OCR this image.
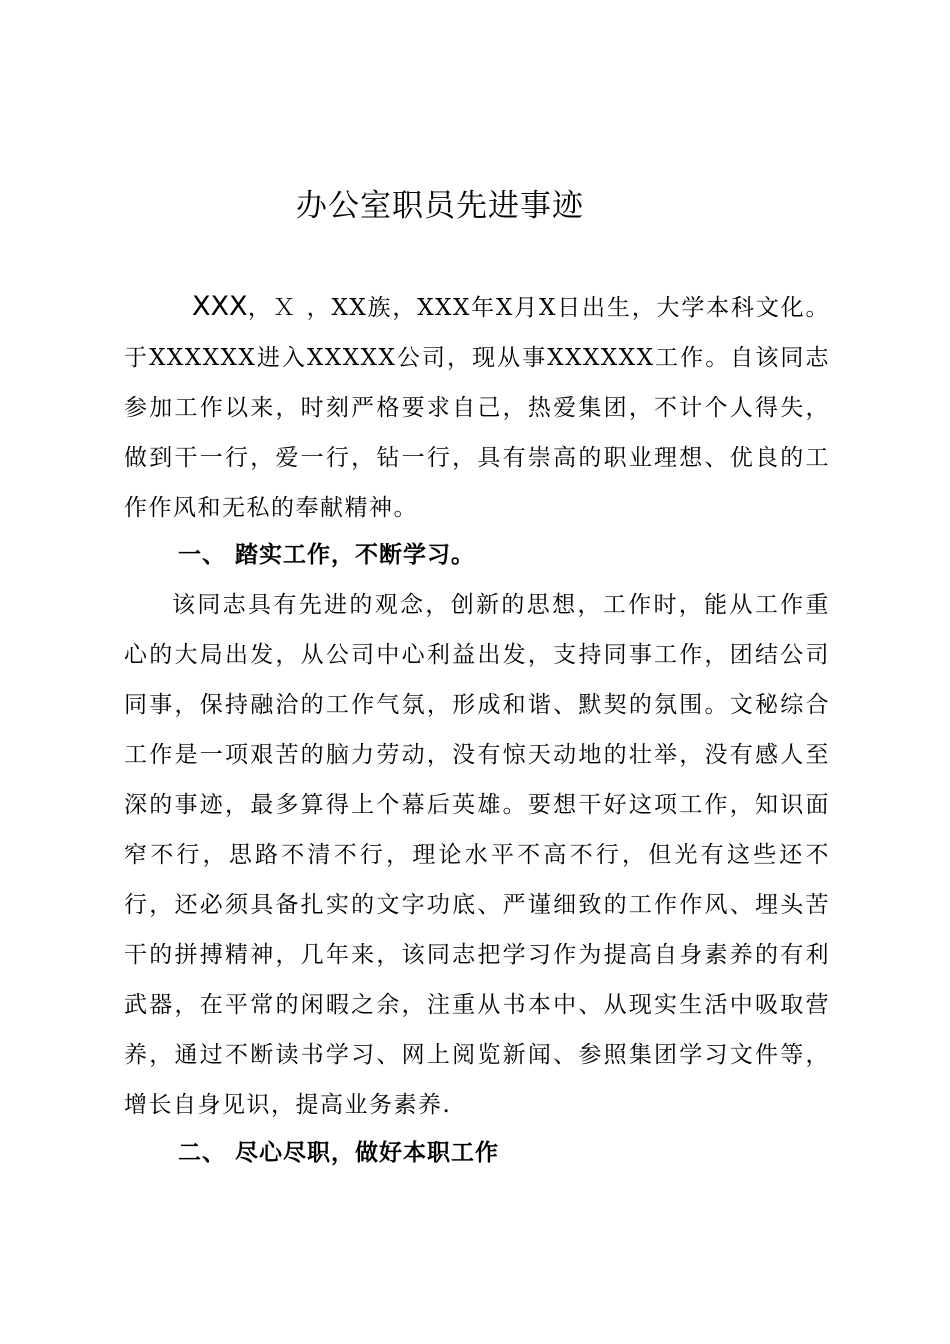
办公室职员先进事迹
XXX，Ｘ ，XX族，XXX年X月X日出生，大学本科文化。于XXXXXX进入XXXXX公司，现从事XXXXXX工作。自该同志参加工作以来，时刻严格要求自己，热爱集团，不计个人得失，做到干一行，爱一行，钻一行，具有崇高的职业理想、优良的工作作风和无私的奉献精神。
一、 踏实工作，不断学习。
该同志具有先进的观念，创新的思想，工作时，能从工作重心的大局出发，从公司中心利益出发，支持同事工作，团结公司同事，保持融洽的工作气氛，形成和谐、默契的氛围。文秘综合工作是一项艰苦的脑力劳动，没有惊天动地的壮举，没有感人至深的事迹，最多算得上个幕后英雄。要想干好这项工作，知识面窄不行，思路不清不行，理论水平不高不行，但光有这些还不行，还必须具备扎实的文字功底、严谨细致的工作作风、埋头苦干的拼搏精神，几年来，该同志把学习作为提高自身素养的有利武器，在平常的闲暇之余，注重从书本中、从现实生活中吸取营养，通过不断读书学习、网上阅览新闻、参照集团学习文件等，增长自身见识，提高业务素养.
二、 尽心尽职，做好本职工作
